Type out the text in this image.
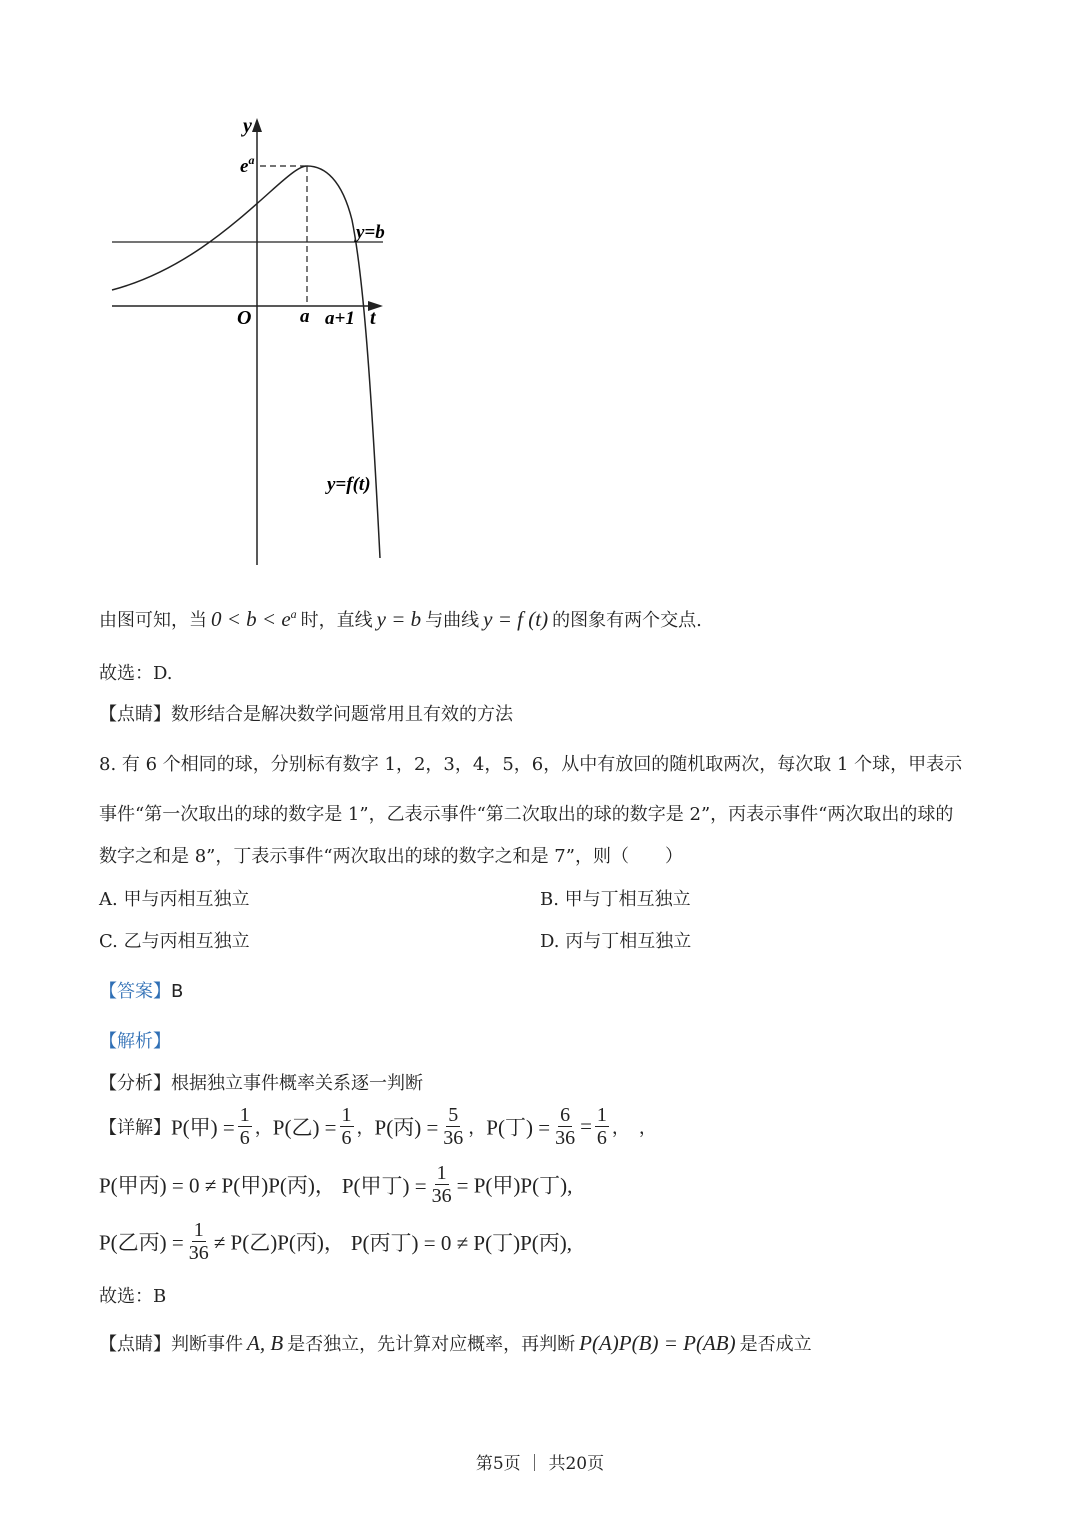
y
$e^a$
y=b
O	a a+1 t
y=f(t)
由图可知，当 $0 < b < e^a$ 时，直线 y = b 与曲线 y = f (t) 的图象有两个交点.
故选：D.
【点睛】数形结合是解决数学问题常用且有效的方法
8. 有 6 个相同的球，分别标有数字 1，2，3，4，5，6，从中有放回的随机取两次，每次取 1 个球，甲表示
事件“第一次取出的球的数字是 1”，乙表示事件“第二次取出的球的数字是 2”，丙表示事件“两次取出的球的
数字之和是 8”，丁表示事件“两次取出的球的数字之和是 7”，则（　　）
A. 甲与丙相互独立	B. 甲与丁相互独立
C. 乙与丙相互独立	D. 丙与丁相互独立
【答案】B
【解析】
【分析】根据独立事件概率关系逐一判断
【详解】P(甲) = $\frac{1}{6}$ ，P(乙) = $\frac{1}{6}$ ，P(丙) = $\frac{5}{36}$ ，P(丁) = $\frac{6}{36} = \frac{1}{6}$ ，　，
P(甲丙) = 0 ≠ P(甲)P(丙)， P(甲丁) = $\frac{1}{36} = P$(甲)P(丁),
P(乙丙) = $\frac{1}{36} \ne P$(乙)P(丙)， P(丙丁) = 0 ≠ P(丁)P(丙),
故选：B
【点睛】判断事件 A, B 是否独立，先计算对应概率，再判断 P(A)P(B) = P(AB) 是否成立
第5页 ｜ 共20页
